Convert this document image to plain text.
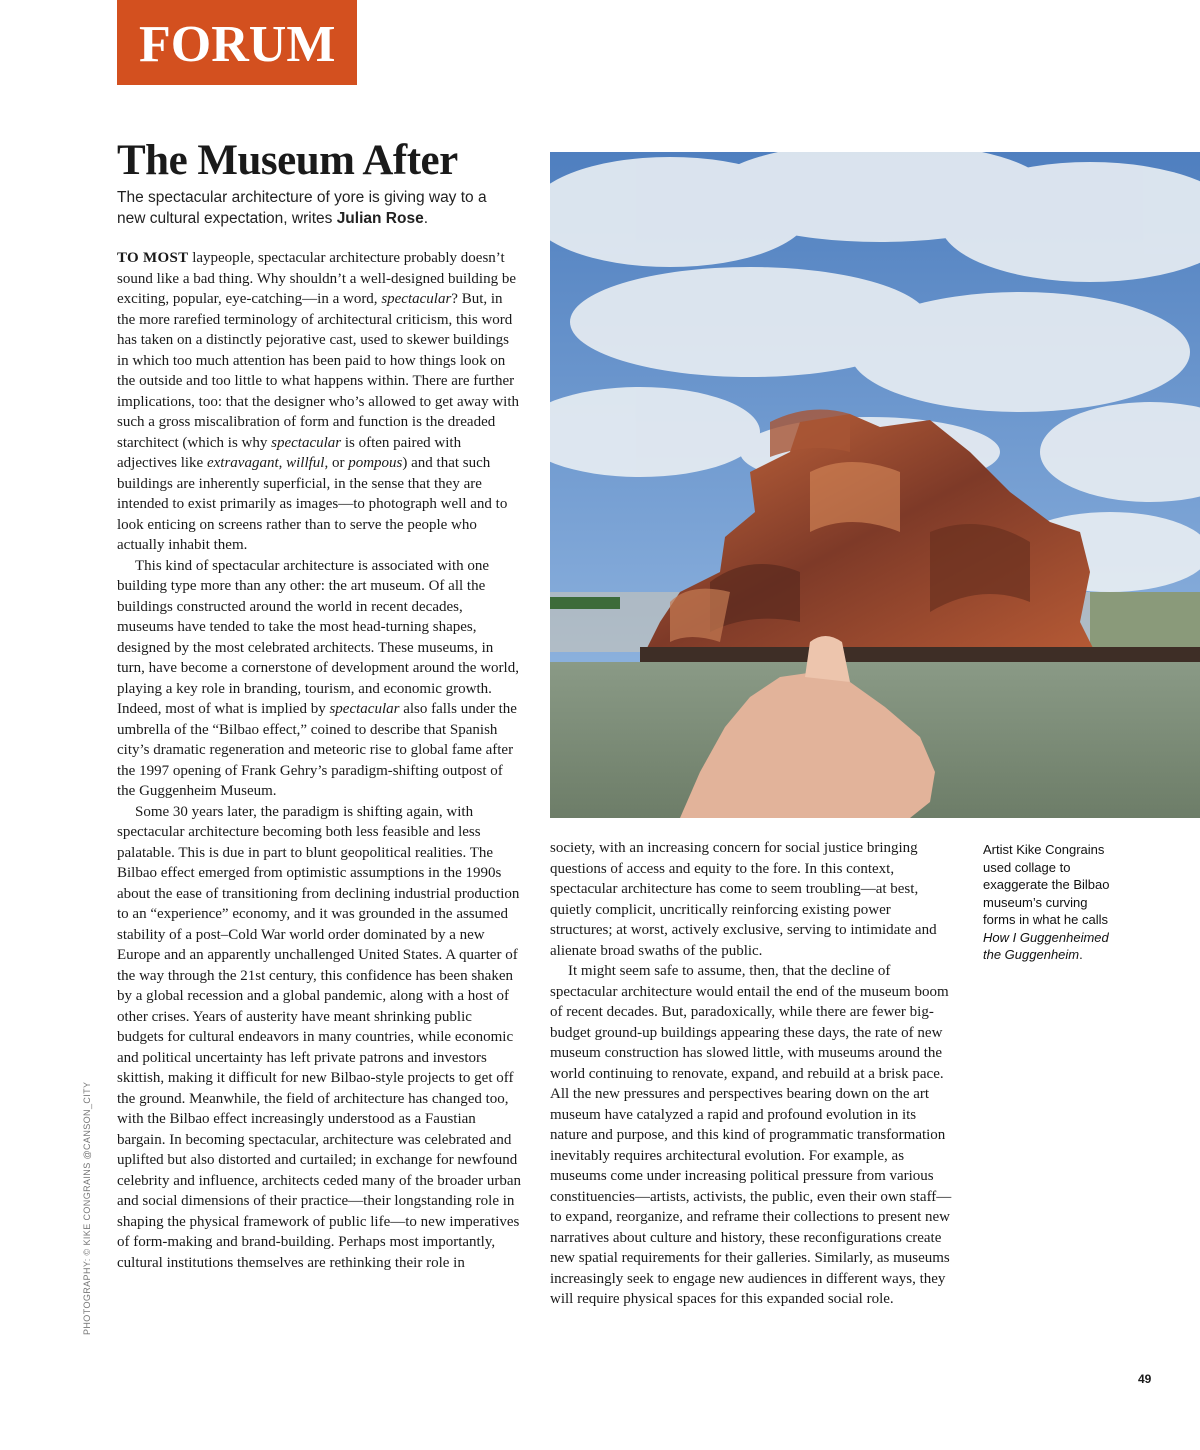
FORUM
The Museum After
The spectacular architecture of yore is giving way to a new cultural expectation, writes Julian Rose.

TO MOST laypeople, spectacular architecture probably doesn’t sound like a bad thing. Why shouldn’t a well-designed building be exciting, popular, eye-catching—in a word, spectacular? But, in the more rarefied terminology of architectural criticism, this word has taken on a distinctly pejorative cast, used to skewer buildings in which too much attention has been paid to how things look on the outside and too little to what happens within. There are further implications, too: that the designer who’s allowed to get away with such a gross miscalibration of form and function is the dreaded starchitect (which is why spectacular is often paired with adjectives like extravagant, willful, or pompous) and that such buildings are inherently superficial, in the sense that they are intended to exist primarily as images—to photograph well and to look enticing on screens rather than to serve the people who actually inhabit them.

This kind of spectacular architecture is associated with one building type more than any other: the art museum. Of all the buildings constructed around the world in recent decades, museums have tended to take the most head-turning shapes, designed by the most celebrated architects. These museums, in turn, have become a cornerstone of development around the world, playing a key role in branding, tourism, and economic growth. Indeed, most of what is implied by spectacular also falls under the umbrella of the “Bilbao effect,” coined to describe that Spanish city’s dramatic regeneration and meteoric rise to global fame after the 1997 opening of Frank Gehry’s paradigm-shifting outpost of the Guggenheim Museum.

Some 30 years later, the paradigm is shifting again, with spectacular architecture becoming both less feasible and less palatable. This is due in part to blunt geopolitical realities. The Bilbao effect emerged from optimistic assumptions in the 1990s about the ease of transitioning from declining industrial production to an “experience” economy, and it was grounded in the assumed stability of a post–Cold War world order dominated by a new Europe and an apparently unchallenged United States. A quarter of the way through the 21st century, this confidence has been shaken by a global recession and a global pandemic, along with a host of other crises. Years of austerity have meant shrinking public budgets for cultural endeavors in many countries, while economic and political uncertainty has left private patrons and investors skittish, making it difficult for new Bilbao-style projects to get off the ground. Meanwhile, the field of architecture has changed too, with the Bilbao effect increasingly understood as a Faustian bargain. In becoming spectacular, architecture was celebrated and uplifted but also distorted and curtailed; in exchange for newfound celebrity and influence, architects ceded many of the broader urban and social dimensions of their practice—their longstanding role in shaping the physical framework of public life—to new imperatives of form-making and brand-building. Perhaps most importantly, cultural institutions themselves are rethinking their role in

society, with an increasing concern for social justice bringing questions of access and equity to the fore. In this context, spectacular architecture has come to seem troubling—at best, quietly complicit, uncritically reinforcing existing power structures; at worst, actively exclusive, serving to intimidate and alienate broad swaths of the public.

It might seem safe to assume, then, that the decline of spectacular architecture would entail the end of the museum boom of recent decades. But, paradoxically, while there are fewer big-budget ground-up buildings appearing these days, the rate of new museum construction has slowed little, with museums around the world continuing to renovate, expand, and rebuild at a brisk pace. All the new pressures and perspectives bearing down on the art museum have catalyzed a rapid and profound evolution in its nature and purpose, and this kind of programmatic transformation inevitably requires architectural evolution. For example, as museums come under increasing political pressure from various constituencies—artists, activists, the public, even their own staff—to expand, reorganize, and reframe their collections to present new narratives about culture and history, these reconfigurations create new spatial requirements for their galleries. Similarly, as museums increasingly seek to engage new audiences in different ways, they will require physical spaces for this expanded social role.

Artist Kike Congrains used collage to exaggerate the Bilbao museum’s curving forms in what he calls How I Guggenheimed the Guggenheim.
PHOTOGRAPHY: © KIKE CONGRAINS @CANSON_CITY
49
